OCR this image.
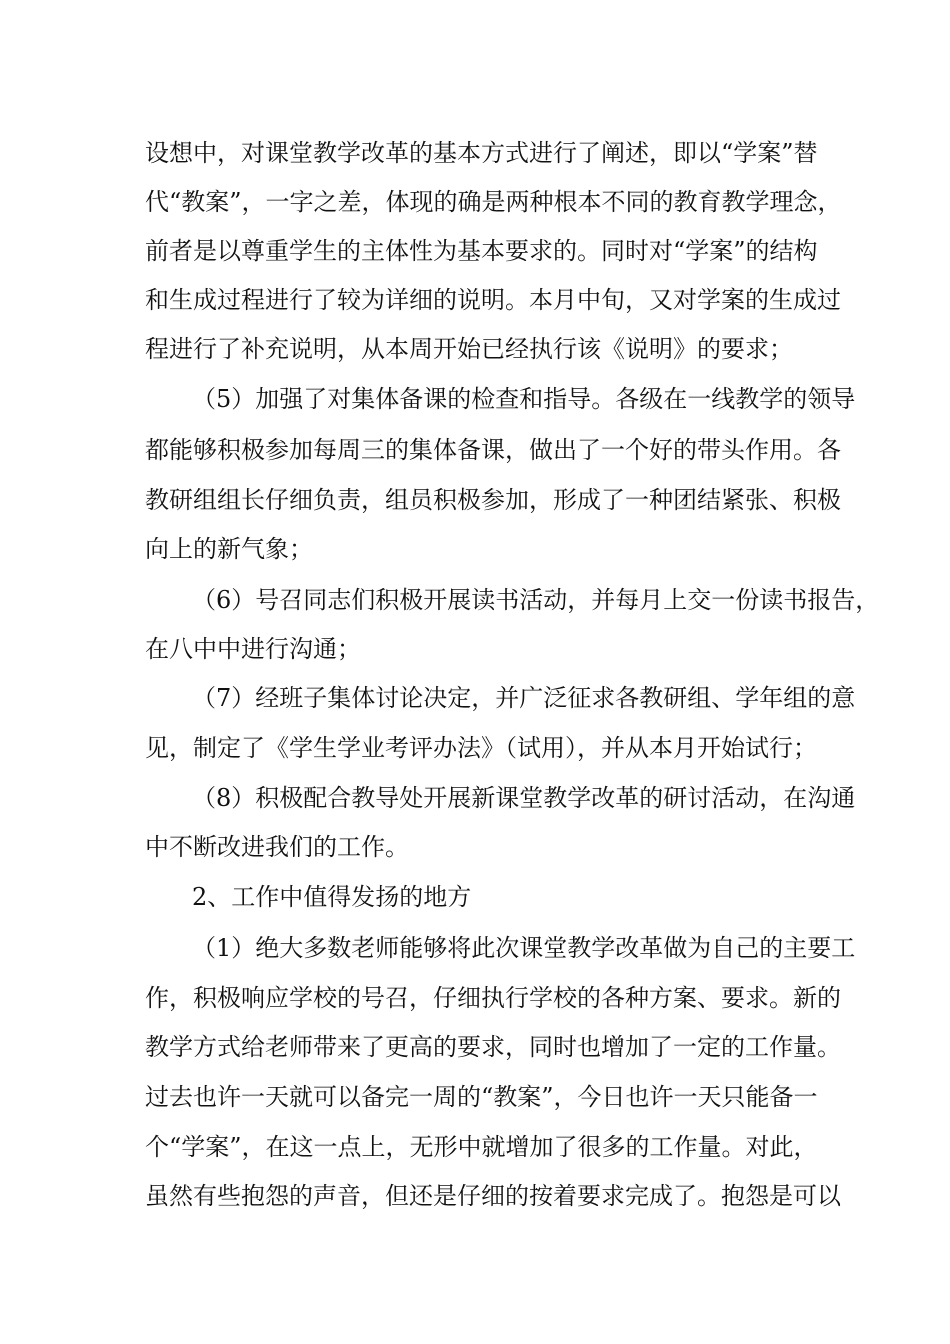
设想中，对课堂教学改革的基本方式进行了阐述，即以“学案”替
代“教案”，一字之差，体现的确是两种根本不同的教育教学理念，
前者是以尊重学生的主体性为基本要求的。同时对“学案”的结构
和生成过程进行了较为详细的说明。本月中旬，又对学案的生成过
程进行了补充说明，从本周开始已经执行该《说明》的要求；
（5）加强了对集体备课的检查和指导。各级在一线教学的领导
都能够积极参加每周三的集体备课，做出了一个好的带头作用。各
教研组组长仔细负责，组员积极参加，形成了一种团结紧张、积极
向上的新气象；
（6）号召同志们积极开展读书活动，并每月上交一份读书报告，
在八中中进行沟通；
（7）经班子集体讨论决定，并广泛征求各教研组、学年组的意
见，制定了《学生学业考评办法》（试用），并从本月开始试行；
（8）积极配合教导处开展新课堂教学改革的研讨活动，在沟通
中不断改进我们的工作。
2、工作中值得发扬的地方
（1）绝大多数老师能够将此次课堂教学改革做为自己的主要工
作，积极响应学校的号召，仔细执行学校的各种方案、要求。新的
教学方式给老师带来了更高的要求，同时也增加了一定的工作量。
过去也许一天就可以备完一周的“教案”，今日也许一天只能备一
个“学案”，在这一点上，无形中就增加了很多的工作量。对此，
虽然有些抱怨的声音，但还是仔细的按着要求完成了。抱怨是可以
